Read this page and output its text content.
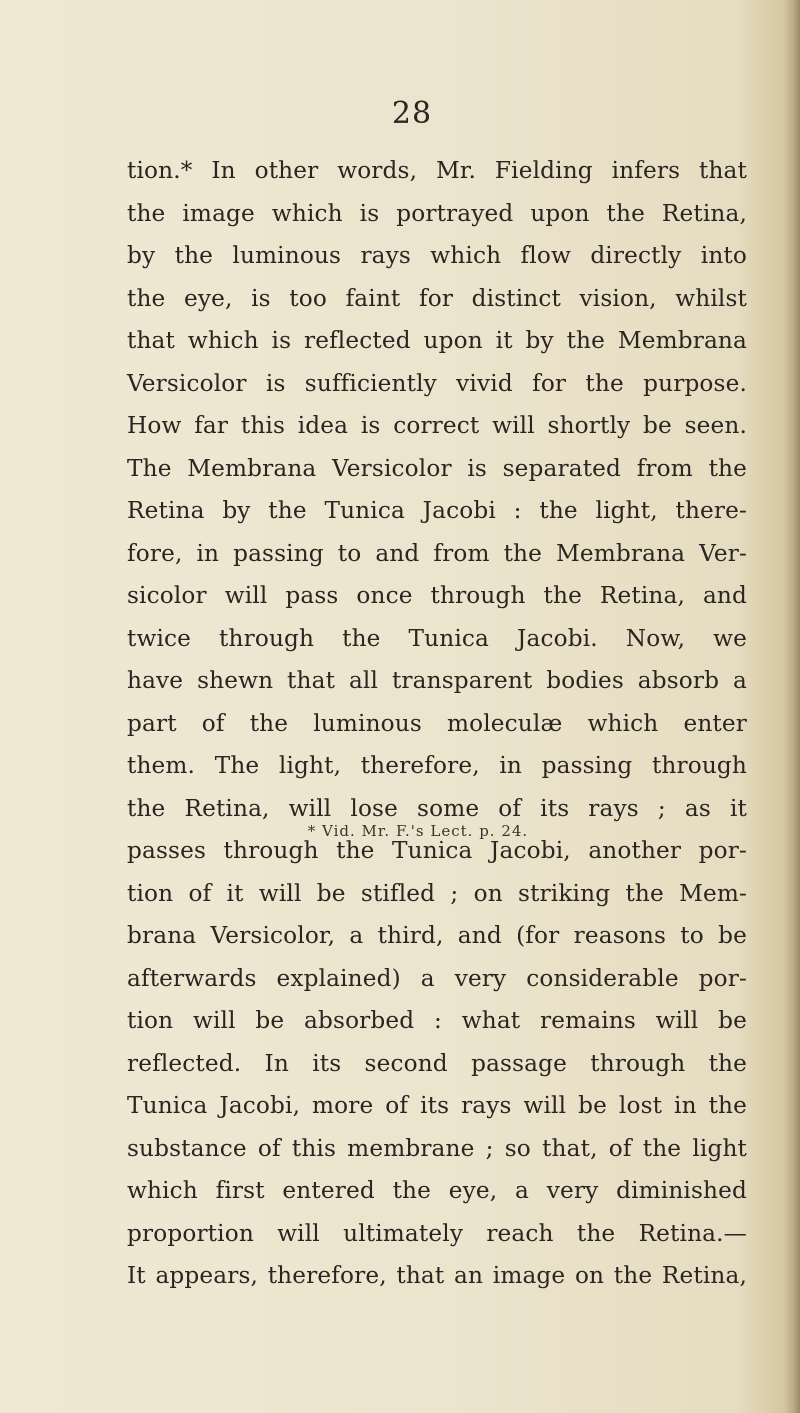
28
tion.* In other words, Mr. Fielding infers that
the image which is portrayed upon the Retina,
by the luminous rays which flow directly into
the eye, is too faint for distinct vision, whilst
that which is reflected upon it by the Membrana
Versicolor is sufficiently vivid for the purpose.
How far this idea is correct will shortly be seen.
The Membrana Versicolor is separated from the
Retina by the Tunica Jacobi : the light, there-
fore, in passing to and from the Membrana Ver-
sicolor will pass once through the Retina, and
twice through the Tunica Jacobi. Now, we
have shewn that all transparent bodies absorb a
part of the luminous moleculæ which enter
them. The light, therefore, in passing through
the Retina, will lose some of its rays ; as it
passes through the Tunica Jacobi, another por-
tion of it will be stifled ; on striking the Mem-
brana Versicolor, a third, and (for reasons to be
afterwards explained) a very considerable por-
tion will be absorbed : what remains will be
reflected. In its second passage through the
Tunica Jacobi, more of its rays will be lost in the
substance of this membrane ; so that, of the light
which first entered the eye, a very diminished
proportion will ultimately reach the Retina.—
It appears, therefore, that an image on the Retina,
* Vid. Mr. F.'s Lect. p. 24.
